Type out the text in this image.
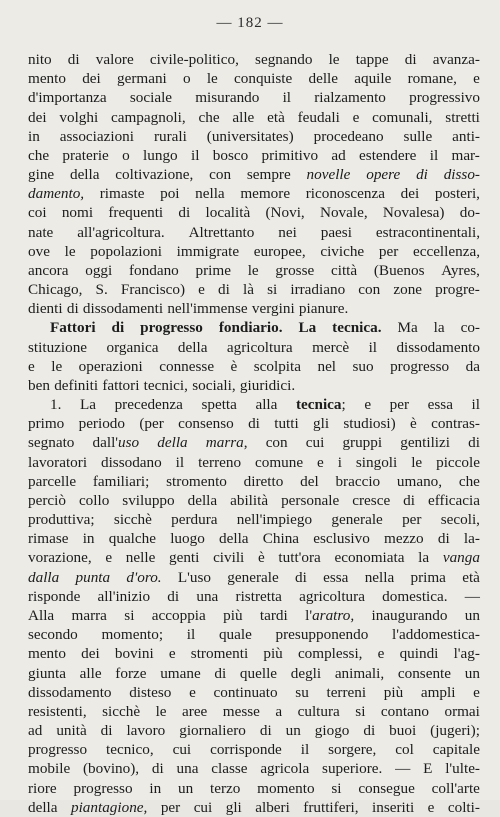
— 182 —
nito di valore civile-politico, segnando le tappe di avanza-
mento dei germani o le conquiste delle aquile romane, e
d'importanza sociale misurando il rialzamento progressivo
dei volghi campagnoli, che alle età feudali e comunali, stretti
in associazioni rurali (universitates) procedeano sulle anti-
che praterie o lungo il bosco primitivo ad estendere il mar-
gine della coltivazione, con sempre novelle opere di disso-
damento, rimaste poi nella memore riconoscenza dei posteri,
coi nomi frequenti di località (Novi, Novale, Novalesa) do-
nate all'agricoltura. Altrettanto nei paesi estracontinentali,
ove le popolazioni immigrate europee, civiche per eccellenza,
ancora oggi fondano prime le grosse città (Buenos Ayres,
Chicago, S. Francisco) e di là si irradiano con zone progre-
dienti di dissodamenti nell'immense vergini pianure.
Fattori di progresso fondiario. La tecnica. Ma la co-
stituzione organica della agricoltura mercè il dissodamento
e le operazioni connesse è scolpita nel suo progresso da
ben definiti fattori tecnici, sociali, giuridici.
1. La precedenza spetta alla tecnica; e per essa il
primo periodo (per consenso di tutti gli studiosi) è contras-
segnato dall'uso della marra, con cui gruppi gentilizi di
lavoratori dissodano il terreno comune e i singoli le piccole
parcelle familiari; stromento diretto del braccio umano, che
perciò collo sviluppo della abilità personale cresce di efficacia
produttiva; sicchè perdura nell'impiego generale per secoli,
rimase in qualche luogo della China esclusivo mezzo di la-
vorazione, e nelle genti civili è tutt'ora economiata la vanga
dalla punta d'oro. L'uso generale di essa nella prima età
risponde all'inizio di una ristretta agricoltura domestica. —
Alla marra si accoppia più tardi l'aratro, inaugurando un
secondo momento; il quale presupponendo l'addomestica-
mento dei bovini e stromenti più complessi, e quindi l'ag-
giunta alle forze umane di quelle degli animali, consente un
dissodamento disteso e continuato su terreni più ampli e
resistenti, sicchè le aree messe a cultura si contano ormai
ad unità di lavoro giornaliero di un giogo di buoi (jugeri);
progresso tecnico, cui corrisponde il sorgere, col capitale
mobile (bovino), di una classe agricola superiore. — E l'ulte-
riore progresso in un terzo momento si consegue coll'arte
della piantagione, per cui gli alberi fruttiferi, inseriti e colti-
